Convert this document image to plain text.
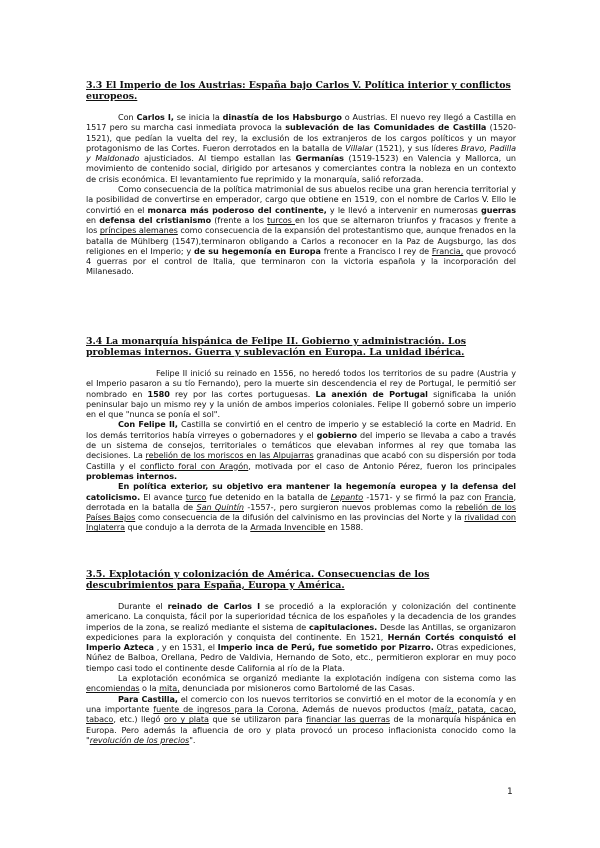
3.3 El Imperio de los Austrias: España bajo Carlos V. Política interior y conflictos europeos.

Con Carlos I, se inicia la dinastía de los Habsburgo o Austrias. El nuevo rey llegó a Castilla en 1517 pero su marcha casi inmediata provoca la sublevación de las Comunidades de Castilla (1520-1521), que pedían la vuelta del rey, la exclusión de los extranjeros de los cargos políticos y un mayor protagonismo de las Cortes. Fueron derrotados en la batalla de Villalar (1521), y sus líderes Bravo, Padilla y Maldonado ajusticiados. Al tiempo estallan las Germanías (1519-1523) en Valencia y Mallorca, un movimiento de contenido social, dirigido por artesanos y comerciantes contra la nobleza en un contexto de crisis económica. El levantamiento fue reprimido y la monarquía, salió reforzada.

Como consecuencia de la política matrimonial de sus abuelos recibe una gran herencia territorial y la posibilidad de convertirse en emperador, cargo que obtiene en 1519, con el nombre de Carlos V. Ello le convirtió en el monarca más poderoso del continente, y le llevó a intervenir en numerosas guerras en defensa del cristianismo (frente a los turcos en los que se alternaron triunfos y fracasos y frente a los príncipes alemanes como consecuencia de la expansión del protestantismo que, aunque frenados en la batalla de Mühlberg (1547),terminaron obligando a Carlos a reconocer en la Paz de Augsburgo, las dos religiones en el Imperio; y de su hegemonía en Europa frente a Francisco I rey de Francia, que provocó 4 guerras por el control de Italia, que terminaron con la victoria española y la incorporación del Milanesado.

3.4 La monarquía hispánica de Felipe II. Gobierno y administración. Los problemas internos. Guerra y sublevación en Europa. La unidad ibérica.

Felipe II inició su reinado en 1556, no heredó todos los territorios de su padre (Austria y el Imperio pasaron a su tío Fernando), pero la muerte sin descendencia el rey de Portugal, le permitió ser nombrado en 1580 rey por las cortes portuguesas. La anexión de Portugal significaba la unión peninsular bajo un mismo rey y la unión de ambos imperios coloniales. Felipe II gobernó sobre un imperio en el que "nunca se ponía el sol".

Con Felipe II, Castilla se convirtió en el centro de imperio y se estableció la corte en Madrid. En los demás territorios había virreyes o gobernadores y el gobierno del imperio se llevaba a cabo a través de un sistema de consejos, territoriales o temáticos que elevaban informes al rey que tomaba las decisiones. La rebelión de los moriscos en las Alpujarras granadinas que acabó con su dispersión por toda Castilla y el conflicto foral con Aragón, motivada por el caso de Antonio Pérez, fueron los principales problemas internos.

En política exterior, su objetivo era mantener la hegemonía europea y la defensa del catolicismo. El avance turco fue detenido en la batalla de Lepanto -1571- y se firmó la paz con Francia, derrotada en la batalla de San Quintín -1557-, pero surgieron nuevos problemas como la rebelión de los Países Bajos como consecuencia de la difusión del calvinismo en las provincias del Norte y la rivalidad con Inglaterra que condujo a la derrota de la Armada Invencible en 1588.

3.5. Explotación y colonización de América. Consecuencias de los descubrimientos para España, Europa y América.

Durante el reinado de Carlos I se procedió a la exploración y colonización del continente americano. La conquista, fácil por la superioridad técnica de los españoles y la decadencia de los grandes imperios de la zona, se realizó mediante el sistema de capitulaciones. Desde las Antillas, se organizaron expediciones para la exploración y conquista del continente. En 1521, Hernán Cortés conquistó el Imperio Azteca , y en 1531, el Imperio inca de Perú, fue sometido por Pizarro. Otras expediciones, Núñez de Balboa, Orellana, Pedro de Valdivia, Hernando de Soto, etc., permitieron explorar en muy poco tiempo casi todo el continente desde California al río de la Plata.

La explotación económica se organizó mediante la explotación indígena con sistema como las encomiendas o la mita, denunciada por misioneros como Bartolomé de las Casas.

Para Castilla, el comercio con los nuevos territorios se convirtió en el motor de la economía y en una importante fuente de ingresos para la Corona. Además de nuevos productos (maíz, patata, cacao, tabaco, etc.) llegó oro y plata que se utilizaron para financiar las guerras de la monarquía hispánica en Europa. Pero además la afluencia de oro y plata provocó un proceso inflacionista conocido como la "revolución de los precios".

1
